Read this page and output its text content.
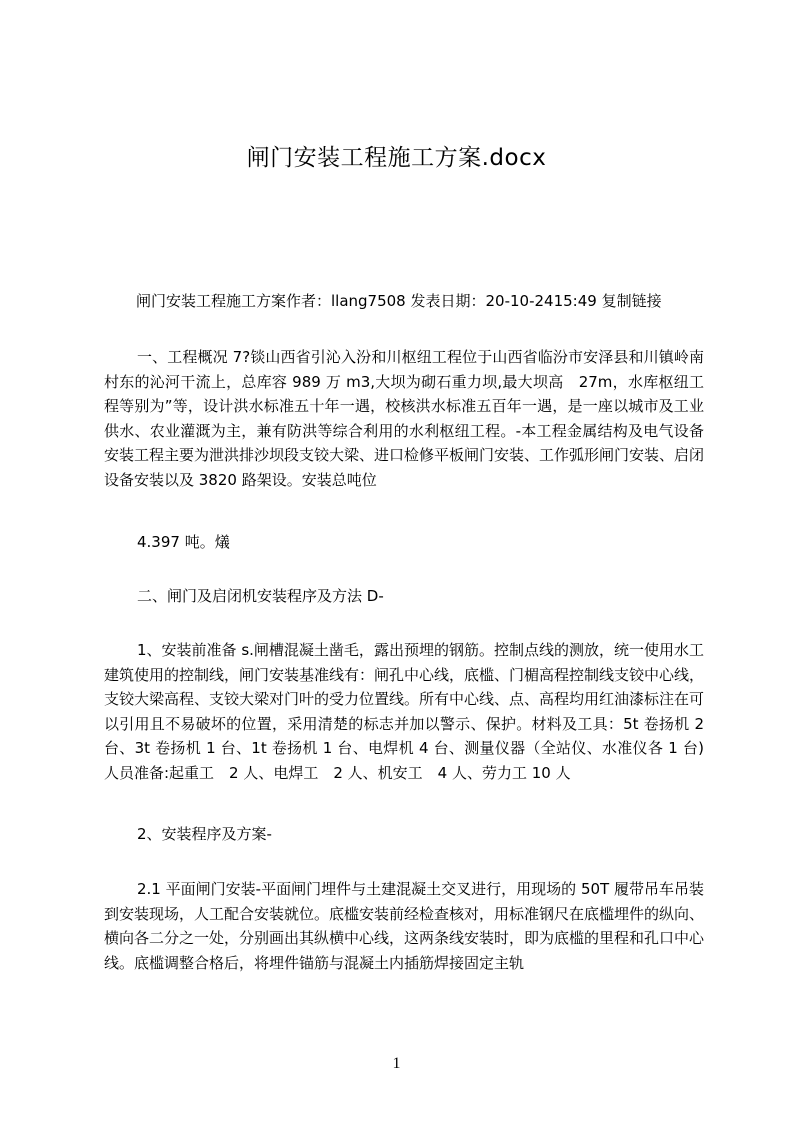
闸门安装工程施工方案.docx
闸门安装工程施工方案作者：llang7508 发表日期：20-10-2415:49 复制链接

一、工程概况 7?锬山西省引沁入汾和川枢纽工程位于山西省临汾市安泽县和川镇岭南村东的沁河干流上，总库容 989 万 m3,大坝为砌石重力坝,最大坝高　27m，水库枢纽工程等别为”等，设计洪水标准五十年一遇，校核洪水标准五百年一遇，是一座以城市及工业供水、农业灌溉为主，兼有防洪等综合利用的水利枢纽工程。-本工程金属结构及电气设备安装工程主要为泄洪排沙坝段支铰大梁、进口检修平板闸门安装、工作弧形闸门安装、启闭设备安装以及 3820 路架设。安装总吨位

4.397 吨。燨

二、闸门及启闭机安装程序及方法 D-

1、安装前准备 s.闸槽混凝土凿毛，露出预埋的钢筋。控制点线的测放，统一使用水工建筑使用的控制线，闸门安装基准线有：闸孔中心线，底槛、门楣高程控制线支铰中心线，支铰大梁高程、支铰大梁对门叶的受力位置线。所有中心线、点、高程均用红油漆标注在可以引用且不易破坏的位置，采用清楚的标志并加以警示、保护。材料及工具：5t 卷扬机 2 台、3t 卷扬机 1 台、1t 卷扬机 1 台、电焊机 4 台、测量仪器（全站仪、水准仪各 1 台)人员准备:起重工　2 人、电焊工　2 人、机安工　4 人、劳力工 10 人

2、安装程序及方案-

2.1 平面闸门安装-平面闸门埋件与土建混凝土交叉进行，用现场的 50T 履带吊车吊装到安装现场，人工配合安装就位。底槛安装前经检查核对，用标准钢尺在底槛埋件的纵向、横向各二分之一处，分别画出其纵横中心线，这两条线安装时，即为底槛的里程和孔口中心线。底槛调整合格后，将埋件锚筋与混凝土内插筋焊接固定主轨

1
